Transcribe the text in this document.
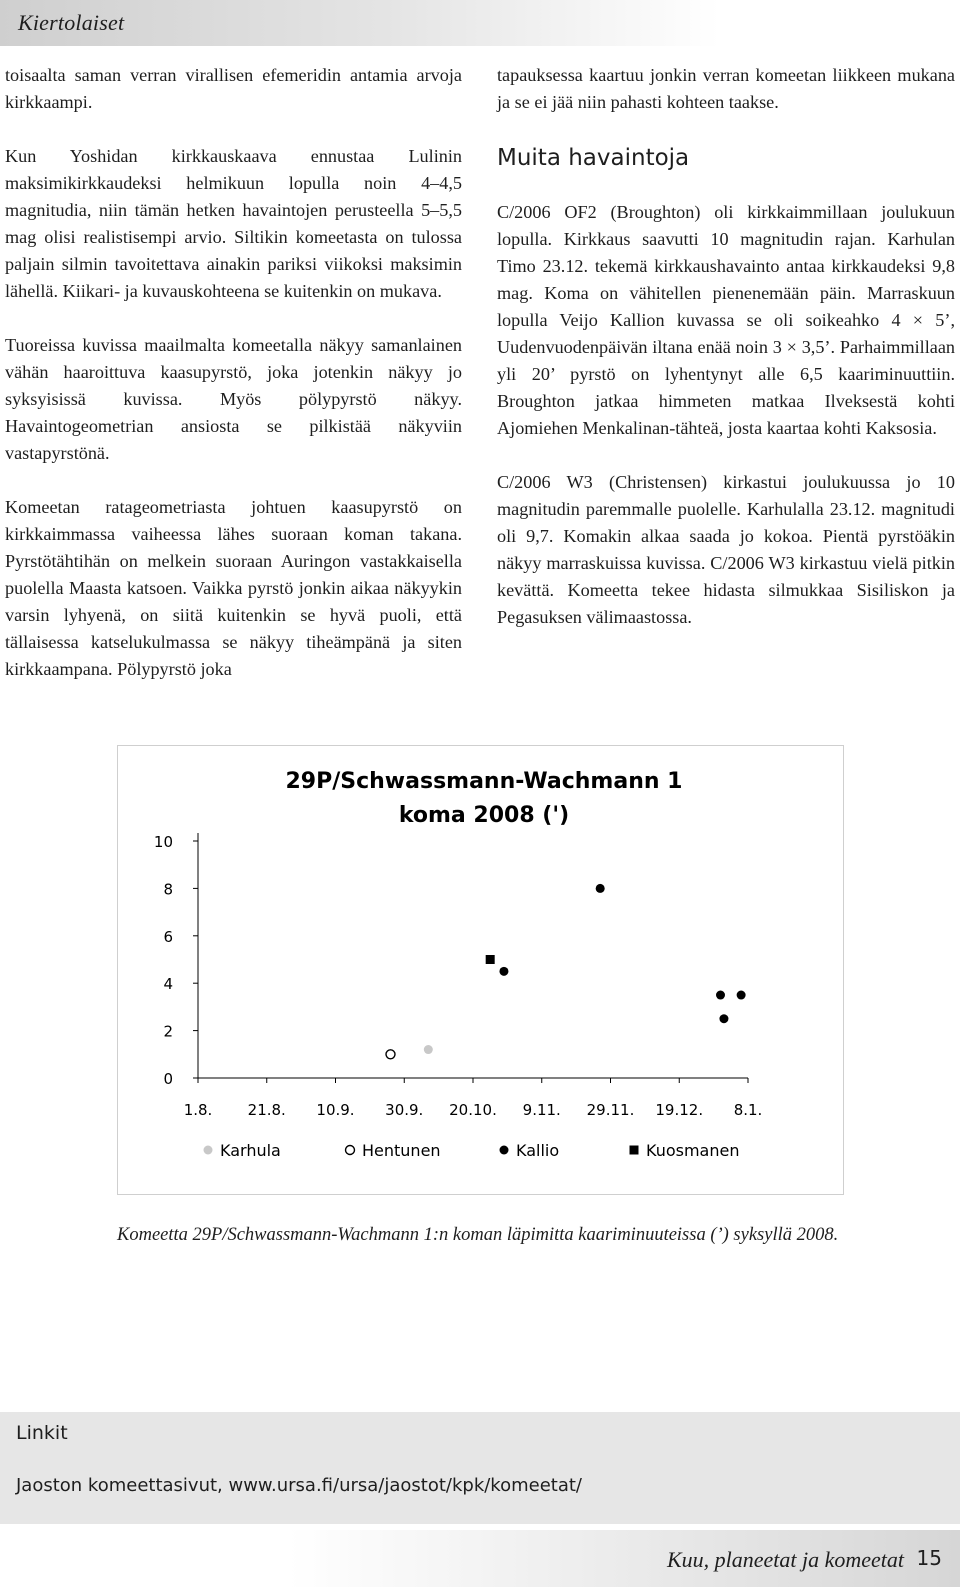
Kiertolaiset

toisaalta saman verran virallisen efemeridin antamia arvoja kirkkaampi.

Kun Yoshidan kirkkauskaava ennustaa Lulinin maksimikirkkaudeksi helmikuun lopulla noin 4–4,5 magnitudia, niin tämän hetken havaintojen perusteella 5–5,5 mag olisi realistisempi arvio. Siltikin komeetasta on tulossa paljain silmin tavoitettava ainakin pariksi viikoksi maksimin lähellä. Kiikari- ja kuvauskohteena se kuitenkin on mukava.

Tuoreissa kuvissa maailmalta komeetalla näkyy samanlainen vähän haaroittuva kaasupyrstö, joka jotenkin näkyy jo syksyisissä kuvissa. Myös pölypyrstö näkyy. Havaintogeometrian ansiosta se pilkistää näkyviin vastapyrstönä.

Komeetan ratageometriasta johtuen kaasupyrstö on kirkkaimmassa vaiheessa lähes suoraan koman takana. Pyrstötähtihän on melkein suoraan Auringon vastakkaisella puolella Maasta katsoen. Vaikka pyrstö jonkin aikaa näkyykin varsin lyhyenä, on siitä kuitenkin se hyvä puoli, että tällaisessa katselukulmassa se näkyy tiheämpänä ja siten kirkkaampana. Pölypyrstö joka

tapauksessa kaartuu jonkin verran komeetan liikkeen mukana ja se ei jää niin pahasti kohteen taakse.

Muita havaintoja

C/2006 OF2 (Broughton) oli kirkkaimmillaan joulukuun lopulla. Kirkkaus saavutti 10 magnitudin rajan. Karhulan Timo 23.12. tekemä kirkkaushavainto antaa kirkkaudeksi 9,8 mag. Koma on vähitellen pienenemään päin. Marraskuun lopulla Veijo Kallion kuvassa se oli soikeahko 4 × 5’, Uudenvuodenpäivän iltana enää noin 3 × 3,5’. Parhaimmillaan yli 20’ pyrstö on lyhentynyt alle 6,5 kaariminuuttiin. Broughton jatkaa himmeten matkaa Ilveksestä kohti Ajomiehen Menkalinan-tähteä, josta kaartaa kohti Kaksosia.

C/2006 W3 (Christensen) kirkastui joulukuussa jo 10 magnitudin paremmalle puolelle. Karhulalla 23.12. magnitudi oli 9,7. Komakin alkaa saada jo kokoa. Pientä pyrstöäkin näkyy marraskuissa kuvissa. C/2006 W3 kirkastuu vielä pitkin kevättä. Komeetta tekee hidasta silmukkaa Sisiliskon ja Pegasuksen välimaastossa.

29P/Schwassmann-Wachmann 1
koma 2008 (')
0
2
4
6
8
10
1.8. 21.8. 10.9. 30.9. 20.10. 9.11. 29.11. 19.12. 8.1.
Karhula	Hentunen	Kallio	Kuosmanen
Komeetta 29P/Schwassmann-Wachmann 1:n koman läpimitta kaariminuuteissa (’) syksyllä 2008.
Linkit
Jaoston komeettasivut, www.ursa.fi/ursa/jaostot/kpk/komeetat/
Kuu, planeetat ja komeetat 15
